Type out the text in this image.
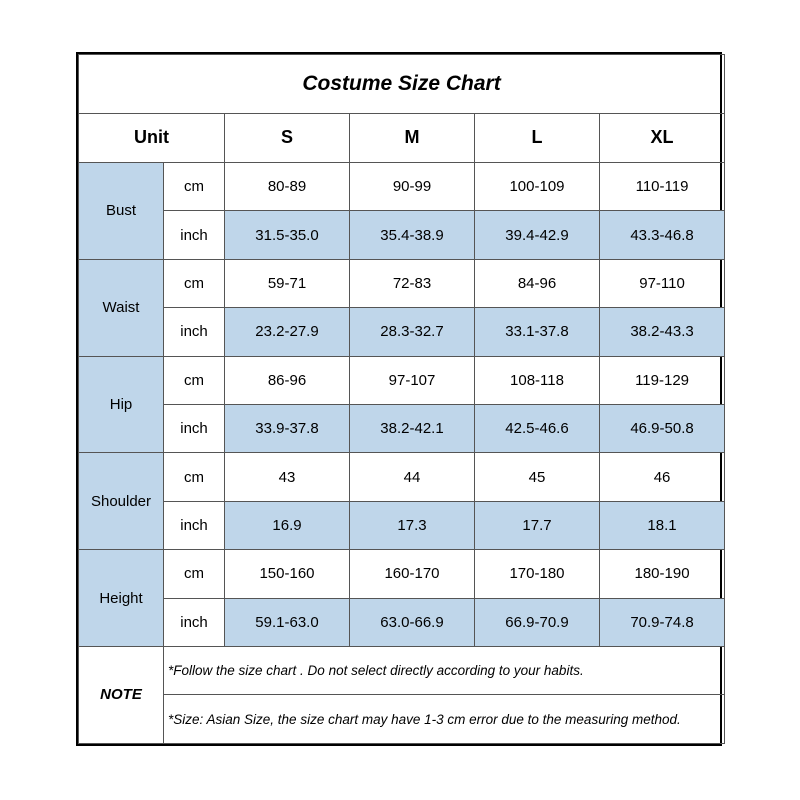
Costume Size Chart					
Unit		S	M	L	XL
Bust	cm	80-89	90-99	100-109	110-119
	inch	31.5-35.0	35.4-38.9	39.4-42.9	43.3-46.8
Waist	cm	59-71	72-83	84-96	97-110
	inch	23.2-27.9	28.3-32.7	33.1-37.8	38.2-43.3
Hip	cm	86-96	97-107	108-118	119-129
	inch	33.9-37.8	38.2-42.1	42.5-46.6	46.9-50.8
Shoulder	cm	43	44	45	46
	inch	16.9	17.3	17.7	18.1
Height	cm	150-160	160-170	170-180	180-190
	inch	59.1-63.0	63.0-66.9	66.9-70.9	70.9-74.8
NOTE	*Follow the size chart . Do not select directly according to your habits.				
	*Size: Asian Size, the size chart may have 1-3 cm error due to the measuring method.				
